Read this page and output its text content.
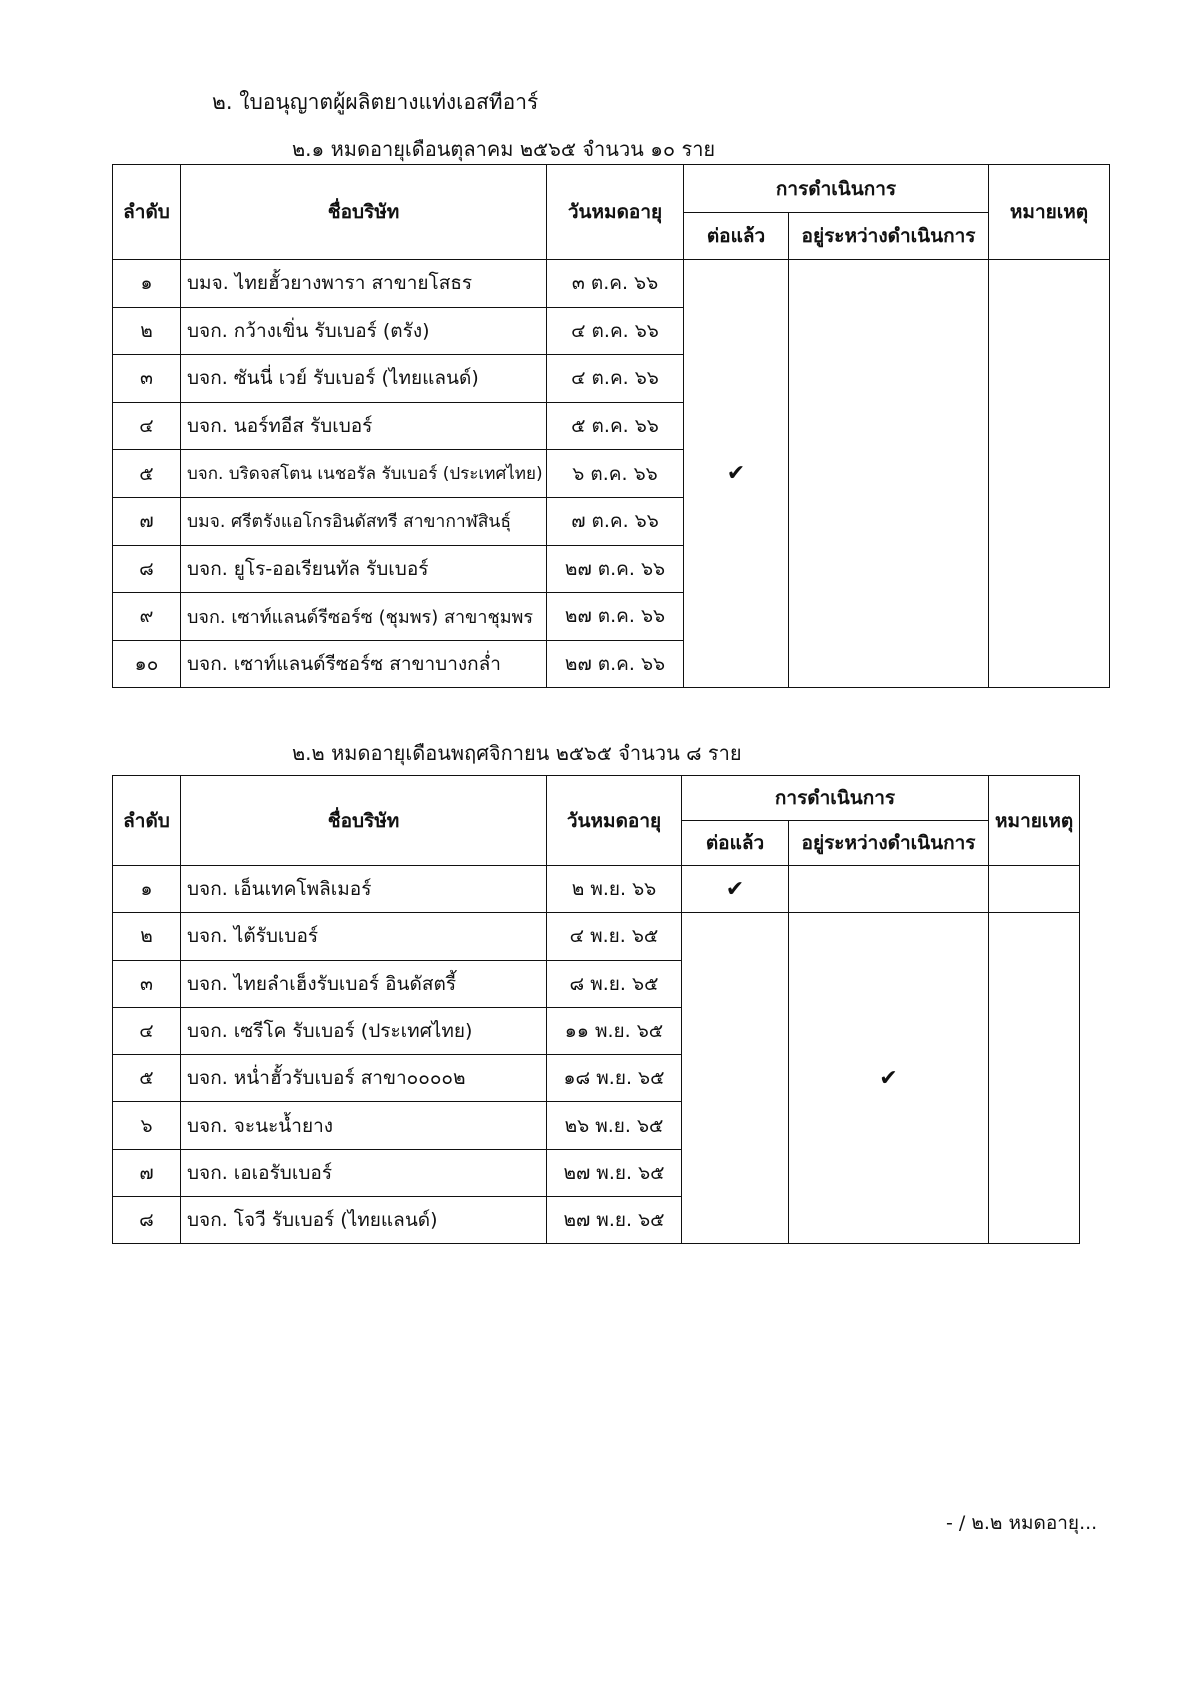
๒. ใบอนุญาตผู้ผลิตยางแท่งเอสทีอาร์
๒.๑ หมดอายุเดือนตุลาคม ๒๕๖๕ จำนวน ๑๐ ราย
ลำดับ	ชื่อบริษัท	วันหมดอายุ	การดำเนินการ		หมายเหตุ
			ต่อแล้ว	อยู่ระหว่างดำเนินการ	
๑	บมจ. ไทยฮั้วยางพารา สาขายโสธร	๓ ต.ค. ๖๖	✔		
๒	บจก. กว้างเขิ่น รับเบอร์ (ตรัง)	๔ ต.ค. ๖๖			
๓	บจก. ซันนี่ เวย์ รับเบอร์ (ไทยแลนด์)	๔ ต.ค. ๖๖			
๔	บจก. นอร์ทอีส รับเบอร์	๕ ต.ค. ๖๖			
๕	บจก. บริดจสโตน เนชอรัล รับเบอร์ (ประเทศไทย)	๖ ต.ค. ๖๖			
๗	บมจ. ศรีตรังแอโกรอินดัสทรี สาขากาฬสินธุ์	๗ ต.ค. ๖๖			
๘	บจก. ยูโร-ออเรียนทัล รับเบอร์	๒๗ ต.ค. ๖๖			
๙	บจก. เซาท์แลนด์รีซอร์ซ (ชุมพร) สาขาชุมพร	๒๗ ต.ค. ๖๖			
๑๐	บจก. เซาท์แลนด์รีซอร์ซ สาขาบางกล่ำ	๒๗ ต.ค. ๖๖			
๒.๒ หมดอายุเดือนพฤศจิกายน ๒๕๖๕ จำนวน ๘ ราย
ลำดับ	ชื่อบริษัท	วันหมดอายุ	การดำเนินการ		หมายเหตุ
			ต่อแล้ว	อยู่ระหว่างดำเนินการ	
๑	บจก. เอ็นเทคโพลิเมอร์	๒ พ.ย. ๖๖	✔		
๒	บจก. ไต้รับเบอร์	๔ พ.ย. ๖๕		✔	
๓	บจก. ไทยลำเฮ็งรับเบอร์ อินดัสตรี้	๘ พ.ย. ๖๕			
๔	บจก. เซรีโค รับเบอร์ (ประเทศไทย)	๑๑ พ.ย. ๖๕			
๕	บจก. หน่ำฮั้วรับเบอร์ สาขา๐๐๐๐๒	๑๘ พ.ย. ๖๕			
๖	บจก. จะนะน้ำยาง	๒๖ พ.ย. ๖๕			
๗	บจก. เอเอรับเบอร์	๒๗ พ.ย. ๖๕			
๘	บจก. โจวี รับเบอร์ (ไทยแลนด์)	๒๗ พ.ย. ๖๕			
- / ๒.๒ หมดอายุ...
